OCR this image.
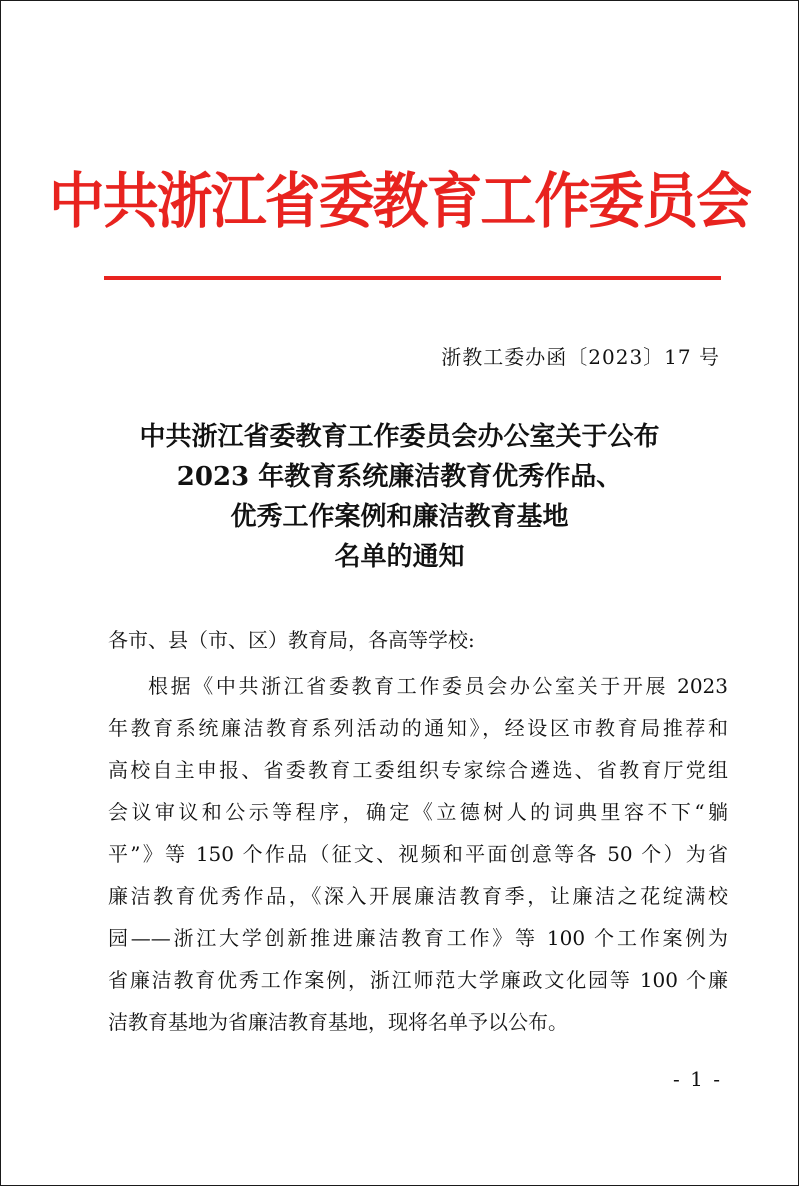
中共浙江省委教育工作委员会
浙教工委办函〔2023〕17 号
中共浙江省委教育工作委员会办公室关于公布
2023 年教育系统廉洁教育优秀作品、
优秀工作案例和廉洁教育基地
名单的通知
各市、县（市、区）教育局，各高等学校:
根据《中共浙江省委教育工作委员会办公室关于开展 2023
年教育系统廉洁教育系列活动的通知》，经设区市教育局推荐和
高校自主申报、省委教育工委组织专家综合遴选、省教育厅党组
会议审议和公示等程序，确定《立德树人的词典里容不下“躺
平”》等 150 个作品（征文、视频和平面创意等各 50 个）为省
廉洁教育优秀作品，《深入开展廉洁教育季，让廉洁之花绽满校
园——浙江大学创新推进廉洁教育工作》等 100 个工作案例为
省廉洁教育优秀工作案例，浙江师范大学廉政文化园等 100 个廉
洁教育基地为省廉洁教育基地，现将名单予以公布。
- 1 -
